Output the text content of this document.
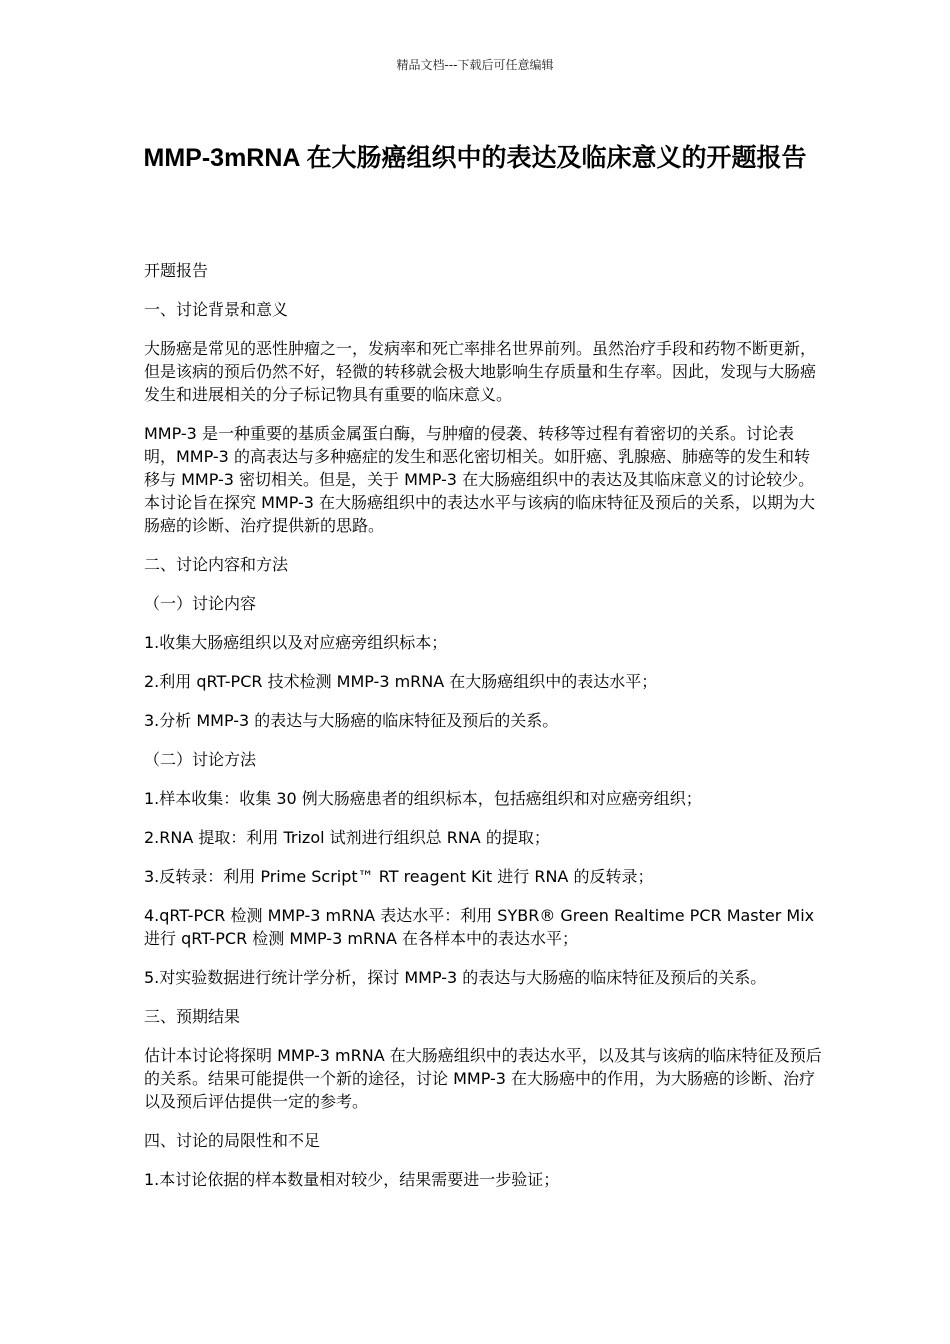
精品文档---下载后可任意编辑
MMP-3mRNA 在大肠癌组织中的表达及临床意义的开题报告

开题报告

一、讨论背景和意义

大肠癌是常见的恶性肿瘤之一，发病率和死亡率排名世界前列。虽然治疗手段和药物不断更新，但是该病的预后仍然不好，轻微的转移就会极大地影响生存质量和生存率。因此，发现与大肠癌发生和进展相关的分子标记物具有重要的临床意义。

MMP-3 是一种重要的基质金属蛋白酶，与肿瘤的侵袭、转移等过程有着密切的关系。讨论表明，MMP-3 的高表达与多种癌症的发生和恶化密切相关。如肝癌、乳腺癌、肺癌等的发生和转移与 MMP-3 密切相关。但是，关于 MMP-3 在大肠癌组织中的表达及其临床意义的讨论较少。本讨论旨在探究 MMP-3 在大肠癌组织中的表达水平与该病的临床特征及预后的关系，以期为大肠癌的诊断、治疗提供新的思路。

二、讨论内容和方法

（一）讨论内容

1.收集大肠癌组织以及对应癌旁组织标本；

2.利用 qRT-PCR 技术检测 MMP-3 mRNA 在大肠癌组织中的表达水平；

3.分析 MMP-3 的表达与大肠癌的临床特征及预后的关系。

（二）讨论方法

1.样本收集：收集 30 例大肠癌患者的组织标本，包括癌组织和对应癌旁组织；

2.RNA 提取：利用 Trizol 试剂进行组织总 RNA 的提取；

3.反转录：利用 Prime Script™ RT reagent Kit 进行 RNA 的反转录；

4.qRT-PCR 检测 MMP-3 mRNA 表达水平：利用 SYBR® Green Realtime PCR Master Mix 进行 qRT-PCR 检测 MMP-3 mRNA 在各样本中的表达水平；

5.对实验数据进行统计学分析，探讨 MMP-3 的表达与大肠癌的临床特征及预后的关系。

三、预期结果

估计本讨论将探明 MMP-3 mRNA 在大肠癌组织中的表达水平，以及其与该病的临床特征及预后的关系。结果可能提供一个新的途径，讨论 MMP-3 在大肠癌中的作用，为大肠癌的诊断、治疗以及预后评估提供一定的参考。

四、讨论的局限性和不足

1.本讨论依据的样本数量相对较少，结果需要进一步验证；
